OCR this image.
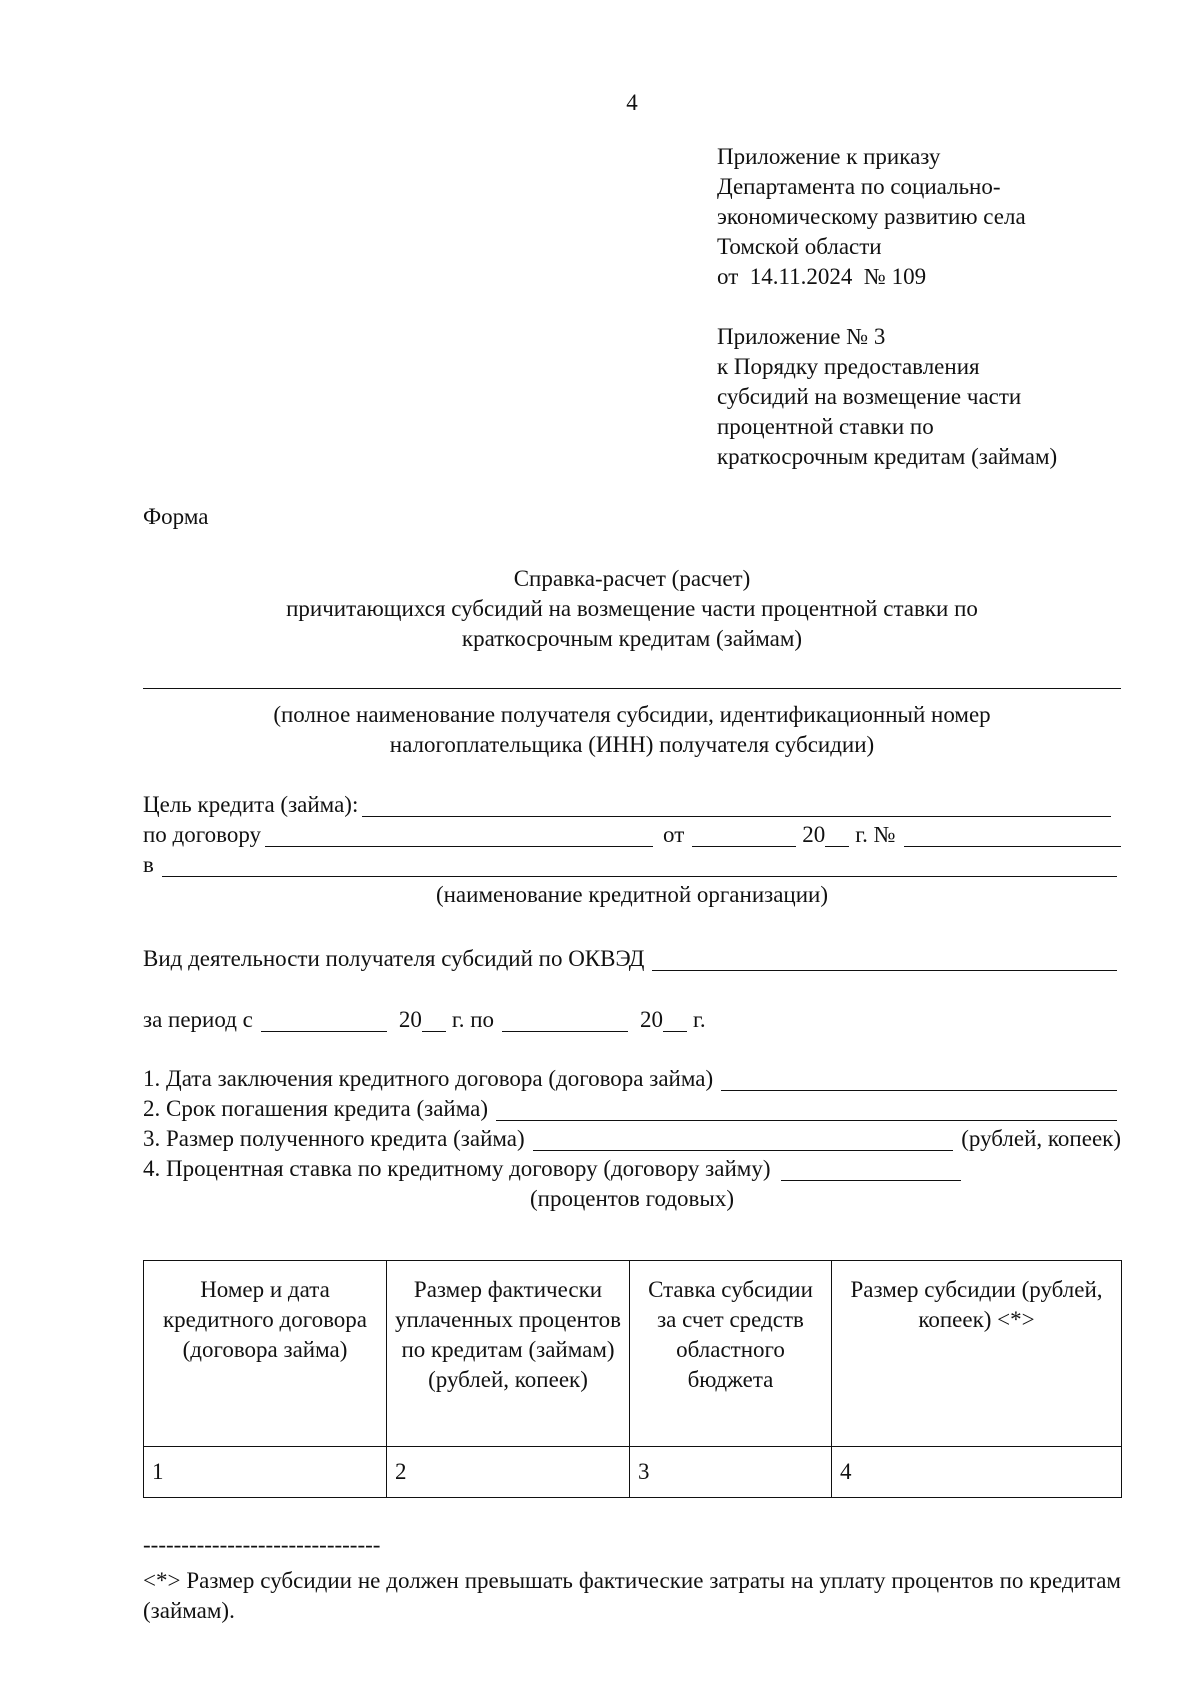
4
Приложение к приказу
Департамента по социально-
экономическому развитию села
Томской области
от  14.11.2024  № 109
Приложение № 3
к Порядку предоставления
субсидий на возмещение части
процентной ставки по
краткосрочным кредитам (займам)
Форма
Справка-расчет (расчет)
причитающихся субсидий на возмещение части процентной ставки по
краткосрочным кредитам (займам)
(полное наименование получателя субсидии, идентификационный номер
налогоплательщика (ИНН) получателя субсидии)
Цель кредита (займа):
по договору	от	20 г. №
в
(наименование кредитной организации)
Вид деятельности получателя субсидий по ОКВЭД
за период с	20 г. по	20 г.
1. Дата заключения кредитного договора (договора займа)
2. Срок погашения кредита (займа)
3. Размер полученного кредита (займа)	(рублей, копеек)
4. Процентная ставка по кредитному договору (договору займу)
(процентов годовых)
Номер и дата кредитного договора (договора займа)	Размер фактически уплаченных процентов по кредитам (займам) (рублей, копеек)	Ставка субсидии за счет средств областного бюджета	Размер субсидии (рублей, копеек) <*>
1	2	3	4
-------------------------------
<*> Размер субсидии не должен превышать фактические затраты на уплату процентов по кредитам (займам).
